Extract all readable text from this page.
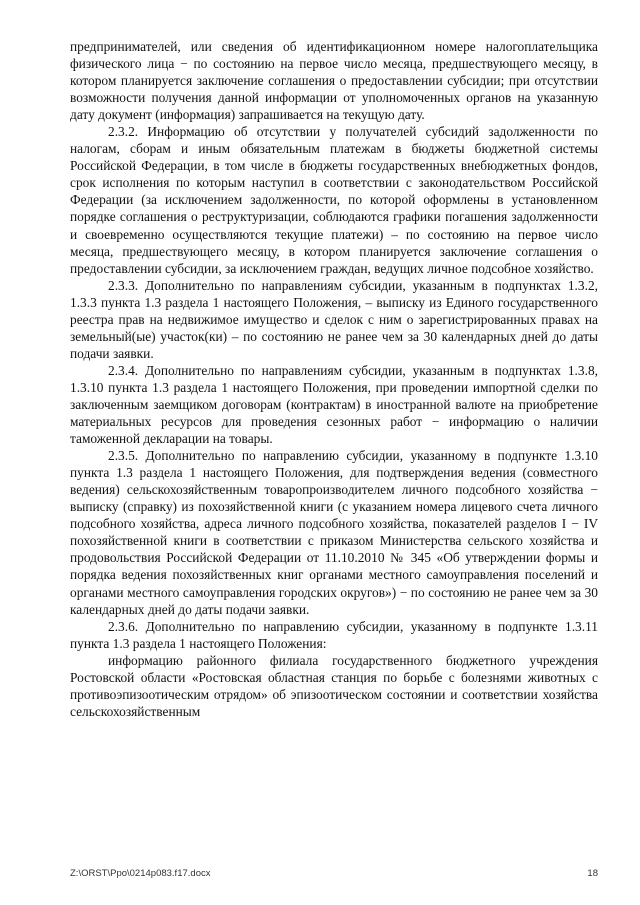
предпринимателей, или сведения об идентификационном номере налогоплательщика физического лица − по состоянию на первое число месяца, предшествующего месяцу, в котором планируется заключение соглашения о предоставлении субсидии; при отсутствии возможности получения данной информации от уполномоченных органов на указанную дату документ (информация) запрашивается на текущую дату.

2.3.2. Информацию об отсутствии у получателей субсидий задолженности по налогам, сборам и иным обязательным платежам в бюджеты бюджетной системы Российской Федерации, в том числе в бюджеты государственных внебюджетных фондов, срок исполнения по которым наступил в соответствии с законодательством Российской Федерации (за исключением задолженности, по которой оформлены в установленном порядке соглашения о реструктуризации, соблюдаются графики погашения задолженности и своевременно осуществляются текущие платежи) – по состоянию на первое число месяца, предшествующего месяцу, в котором планируется заключение соглашения о предоставлении субсидии, за исключением граждан, ведущих личное подсобное хозяйство.

2.3.3. Дополнительно по направлениям субсидии, указанным в подпунктах 1.3.2, 1.3.3 пункта 1.3 раздела 1 настоящего Положения, – выписку из Единого государственного реестра прав на недвижимое имущество и сделок с ним о зарегистрированных правах на земельный(ые) участок(ки) – по состоянию не ранее чем за 30 календарных дней до даты подачи заявки.

2.3.4. Дополнительно по направлениям субсидии, указанным в подпунктах 1.3.8, 1.3.10 пункта 1.3 раздела 1 настоящего Положения, при проведении импортной сделки по заключенным заемщиком договорам (контрактам) в иностранной валюте на приобретение материальных ресурсов для проведения сезонных работ − информацию о наличии таможенной декларации на товары.

2.3.5. Дополнительно по направлению субсидии, указанному в подпункте 1.3.10 пункта 1.3 раздела 1 настоящего Положения, для подтверждения ведения (совместного ведения) сельскохозяйственным товаропроизводителем личного подсобного хозяйства − выписку (справку) из похозяйственной книги (с указанием номера лицевого счета личного подсобного хозяйства, адреса личного подсобного хозяйства, показателей разделов I − IV похозяйственной книги в соответствии с приказом Министерства сельского хозяйства и продовольствия Российской Федерации от 11.10.2010 № 345 «Об утверждении формы и порядка ведения похозяйственных книг органами местного самоуправления поселений и органами местного самоуправления городских округов») − по состоянию не ранее чем за 30 календарных дней до даты подачи заявки.

2.3.6. Дополнительно по направлению субсидии, указанному в подпункте 1.3.11 пункта 1.3 раздела 1 настоящего Положения:

информацию районного филиала государственного бюджетного учреждения Ростовской области «Ростовская областная станция по борьбе с болезнями животных с противоэпизоотическим отрядом» об эпизоотическом состоянии и соответствии хозяйства сельскохозяйственным

Z:\ORST\Ppo\0214p083.f17.docx	18
